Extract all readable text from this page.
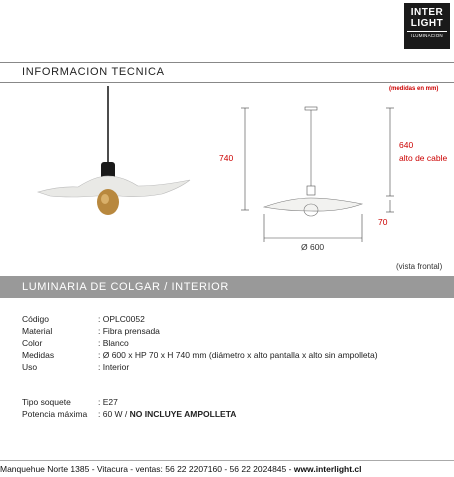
INTER
LIGHT
ILUMINACION
INFORMACION TECNICA
(medidas en mm)
740
640
alto de cable
70
Ø 600
(vista frontal)
LUMINARIA DE COLGAR / INTERIOR
Código	: OPLC0052
Material	: Fibra prensada
Color	: Blanco
Medidas	: Ø 600 x HP 70 x H 740 mm (diámetro x alto pantalla x alto sin ampolleta)
Uso	: Interior
Tipo soquete	: E27
Potencia máxima : 60 W / NO INCLUYE AMPOLLETA
Manquehue Norte 1385 - Vitacura - ventas: 56 22 2207160 - 56 22 2024845 - www.interlight.cl
